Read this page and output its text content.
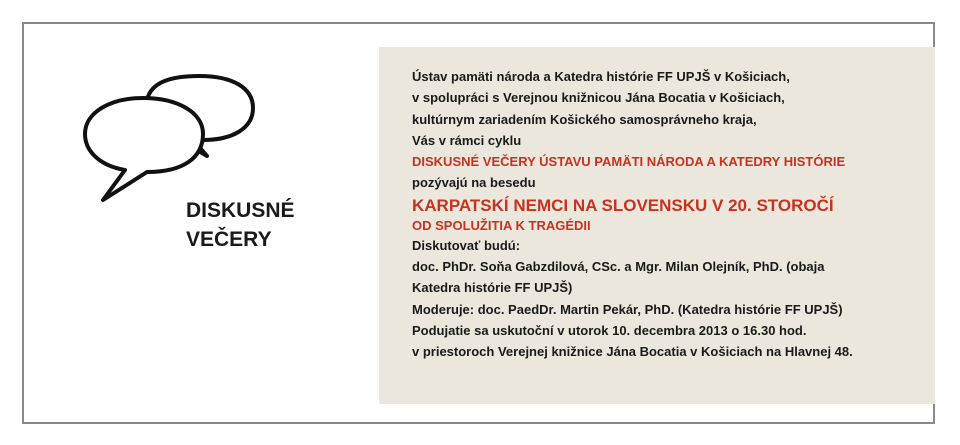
DISKUSNÉ
VEČERY
Ústav pamäti národa a Katedra histórie FF UPJŠ v Košiciach,
v spolupráci s Verejnou knižnicou Jána Bocatia v Košiciach,
kultúrnym zariadením Košického samosprávneho kraja,
Vás v rámci cyklu
DISKUSNÉ VEČERY ÚSTAVU PAMÄTI NÁRODA A KATEDRY HISTÓRIE
pozývajú na besedu
KARPATSKÍ NEMCI NA SLOVENSKU V 20. STOROČÍ
OD SPOLUŽITIA K TRAGÉDII
Diskutovať budú:
doc. PhDr. Soňa Gabzdilová, CSc. a Mgr. Milan Olejník, PhD. (obaja
Katedra histórie FF UPJŠ)
Moderuje: doc. PaedDr. Martin Pekár, PhD. (Katedra histórie FF UPJŠ)
Podujatie sa uskutoční v utorok 10. decembra 2013 o 16.30 hod.
v priestoroch Verejnej knižnice Jána Bocatia v Košiciach na Hlavnej 48.
